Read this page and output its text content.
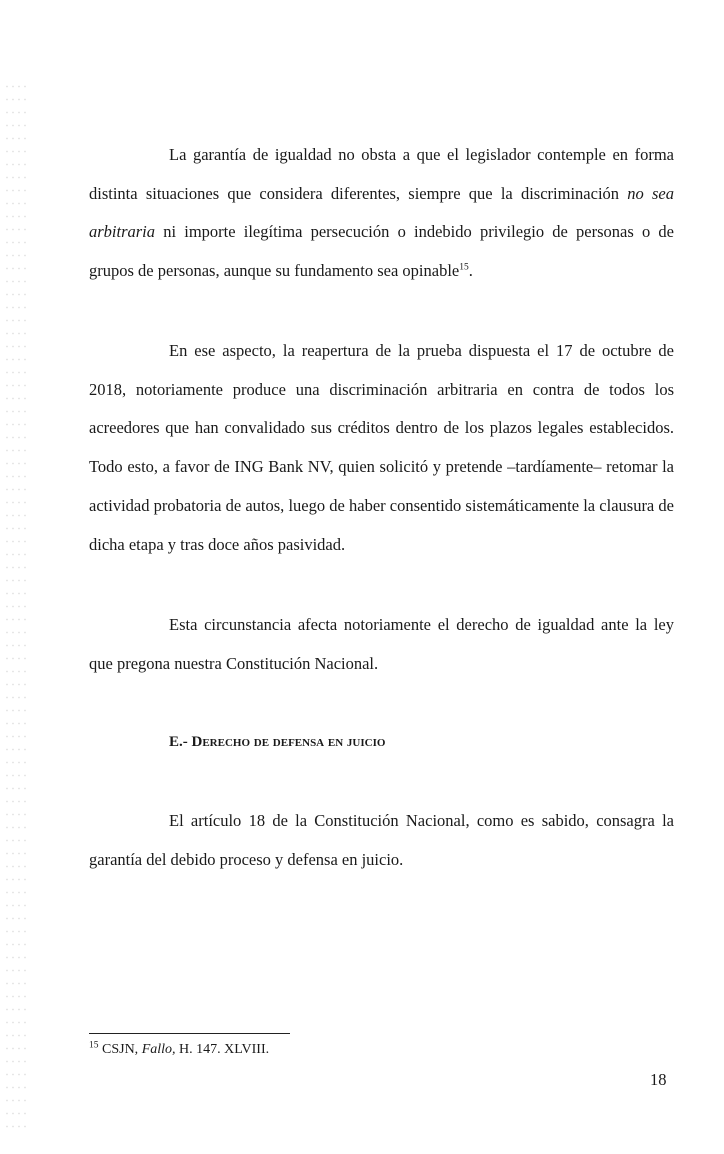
La garantía de igualdad no obsta a que el legislador contemple en forma distinta situaciones que considera diferentes, siempre que la discriminación no sea arbitraria ni importe ilegítima persecución o indebido privilegio de personas o de grupos de personas, aunque su fundamento sea opinable$^{15}$.

En ese aspecto, la reapertura de la prueba dispuesta el 17 de octubre de 2018, notoriamente produce una discriminación arbitraria en contra de todos los acreedores que han convalidado sus créditos dentro de los plazos legales establecidos. Todo esto, a favor de ING Bank NV, quien solicitó y pretende –tardíamente– retomar la actividad probatoria de autos, luego de haber consentido sistemáticamente la clausura de dicha etapa y tras doce años pasividad.

Esta circunstancia afecta notoriamente el derecho de igualdad ante la ley que pregona nuestra Constitución Nacional.

E.- Derecho de defensa en juicio

El artículo 18 de la Constitución Nacional, como es sabido, consagra la garantía del debido proceso y defensa en juicio.

$^{15}$ CSJN, Fallo, H. 147. XLVIII.

18
